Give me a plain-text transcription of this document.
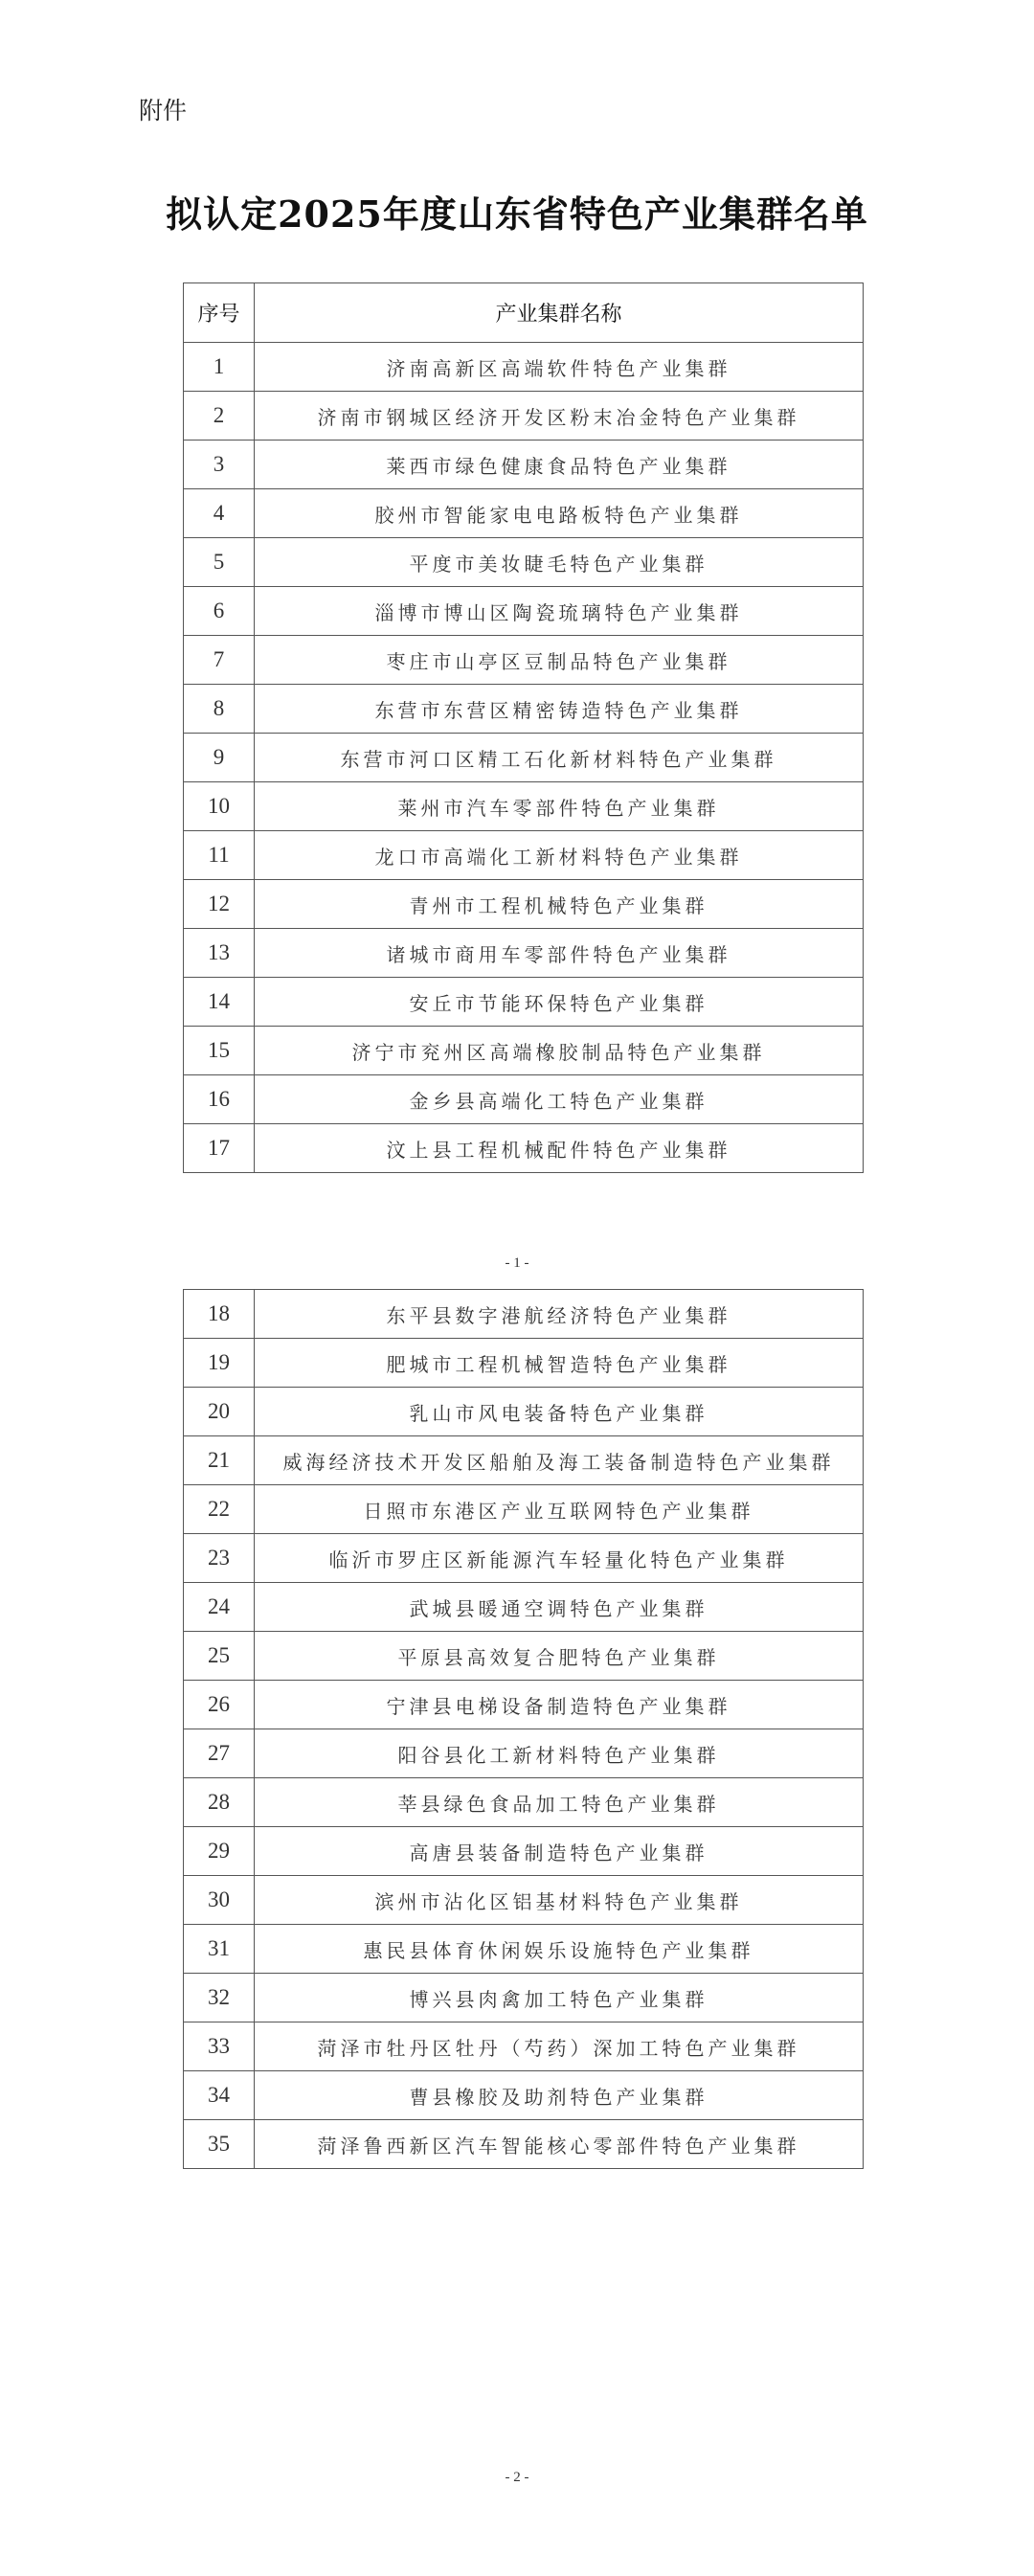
附件
拟认定2025年度山东省特色产业集群名单
序号	产业集群名称
1	济南高新区高端软件特色产业集群
2	济南市钢城区经济开发区粉末冶金特色产业集群
3	莱西市绿色健康食品特色产业集群
4	胶州市智能家电电路板特色产业集群
5	平度市美妆睫毛特色产业集群
6	淄博市博山区陶瓷琉璃特色产业集群
7	枣庄市山亭区豆制品特色产业集群
8	东营市东营区精密铸造特色产业集群
9	东营市河口区精工石化新材料特色产业集群
10	莱州市汽车零部件特色产业集群
11	龙口市高端化工新材料特色产业集群
12	青州市工程机械特色产业集群
13	诸城市商用车零部件特色产业集群
14	安丘市节能环保特色产业集群
15	济宁市兖州区高端橡胶制品特色产业集群
16	金乡县高端化工特色产业集群
17	汶上县工程机械配件特色产业集群
- 1 -
18	东平县数字港航经济特色产业集群
19	肥城市工程机械智造特色产业集群
20	乳山市风电装备特色产业集群
21	威海经济技术开发区船舶及海工装备制造特色产业集群
22	日照市东港区产业互联网特色产业集群
23	临沂市罗庄区新能源汽车轻量化特色产业集群
24	武城县暖通空调特色产业集群
25	平原县高效复合肥特色产业集群
26	宁津县电梯设备制造特色产业集群
27	阳谷县化工新材料特色产业集群
28	莘县绿色食品加工特色产业集群
29	高唐县装备制造特色产业集群
30	滨州市沾化区铝基材料特色产业集群
31	惠民县体育休闲娱乐设施特色产业集群
32	博兴县肉禽加工特色产业集群
33	菏泽市牡丹区牡丹（芍药）深加工特色产业集群
34	曹县橡胶及助剂特色产业集群
35	菏泽鲁西新区汽车智能核心零部件特色产业集群
- 2 -
